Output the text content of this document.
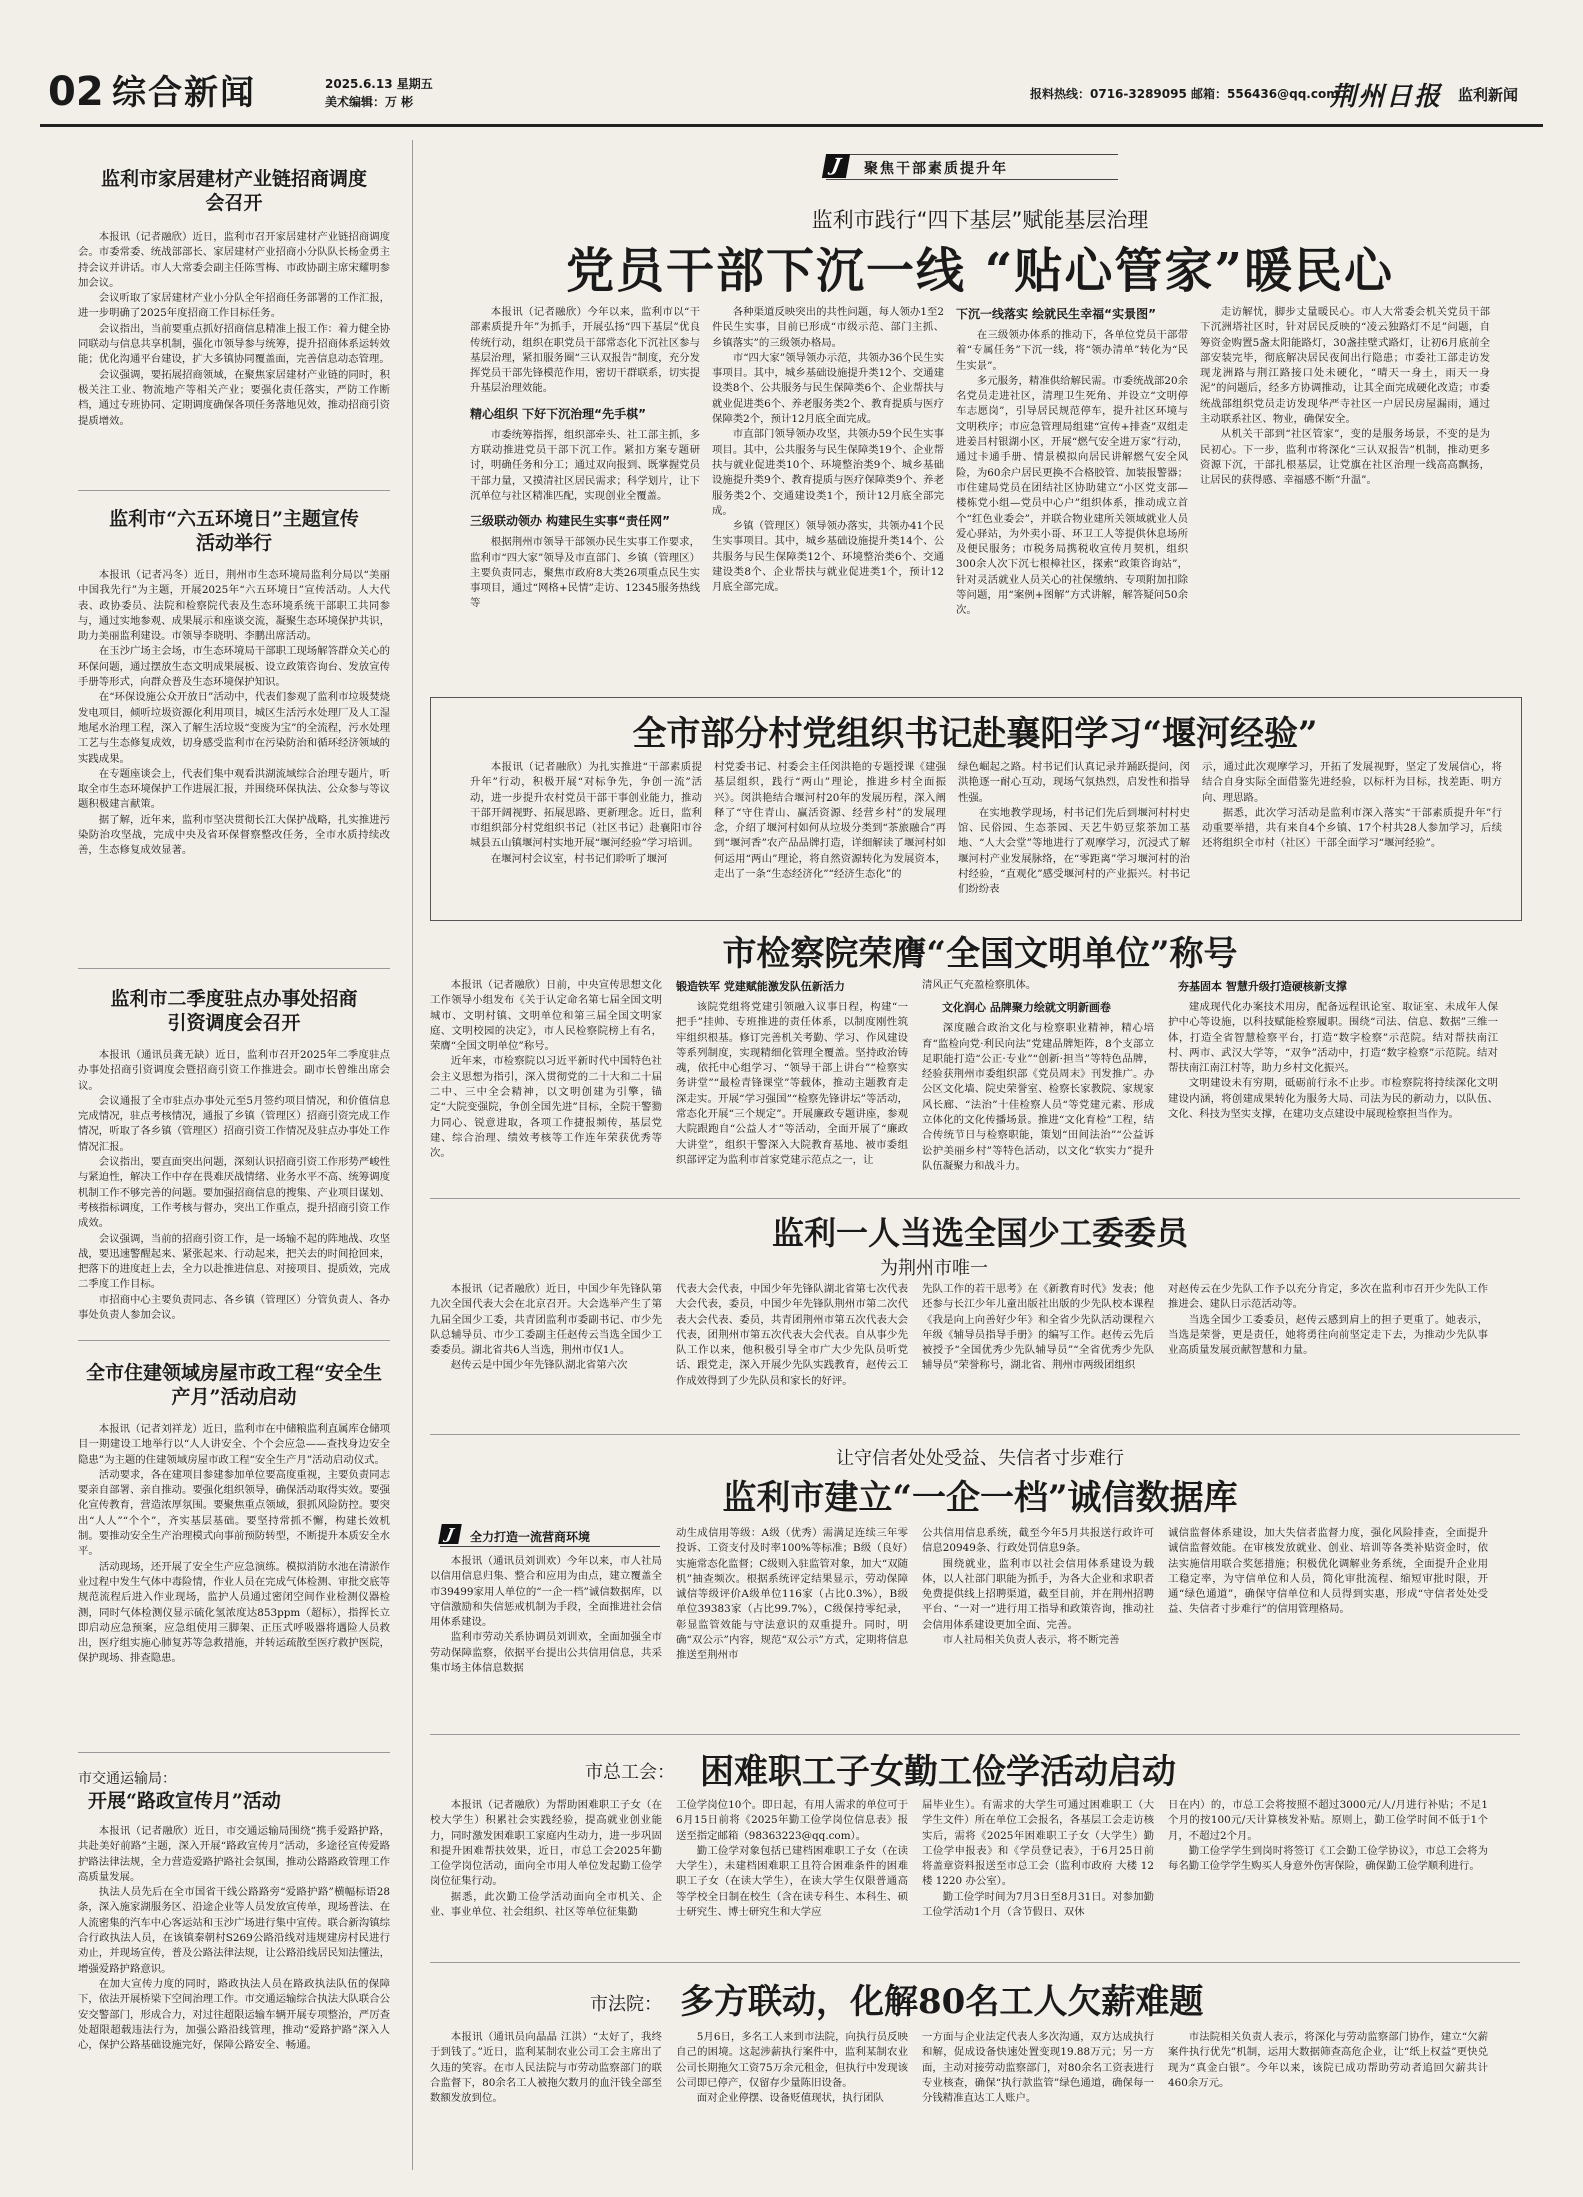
02 综合新闻	2025.6.13 星期五
美术编辑：万 彬
报料热线：0716-3289095 邮箱：556436@qq.com
荆州日报 监利新闻
监利市家居建材产业链招商调度会召开

本报讯（记者融欣）近日，监利市召开家居建材产业链招商调度会。市委常委、统战部部长、家居建材产业招商小分队队长杨金勇主持会议并讲话。市人大常委会副主任陈雪梅、市政协副主席宋耀明参加会议。

会议听取了家居建材产业小分队全年招商任务部署的工作汇报，进一步明确了2025年度招商工作目标任务。

会议指出，当前要重点抓好招商信息精准上报工作：着力健全协同联动与信息共享机制，强化市领导参与统筹，提升招商体系运转效能；优化沟通平台建设，扩大多镇协同覆盖面，完善信息动态管理。

会议强调，要拓展招商领域，在聚焦家居建材产业链的同时，积极关注工业、物流地产等相关产业；要强化责任落实，严防工作断档，通过专班协同、定期调度确保各项任务落地见效，推动招商引资提质增效。

监利市“六五环境日”主题宣传活动举行

本报讯（记者冯冬）近日，荆州市生态环境局监利分局以“美丽中国我先行”为主题，开展2025年“六五环境日”宣传活动。人大代表、政协委员、法院和检察院代表及生态环境系统干部职工共同参与，通过实地参观、成果展示和座谈交流，凝聚生态环境保护共识，助力美丽监利建设。市领导李晓明、李鹏出席活动。

在玉沙广场主会场，市生态环境局干部职工现场解答群众关心的环保问题，通过摆放生态文明成果展板、设立政策咨询台、发放宣传手册等形式，向群众普及生态环境保护知识。

在“环保设施公众开放日”活动中，代表们参观了监利市垃圾焚烧发电项目，倾听垃圾资源化利用项目，城区生活污水处理厂及人工湿地尾水治理工程，深入了解生活垃圾“变废为宝”的全流程，污水处理工艺与生态修复成效，切身感受监利市在污染防治和循环经济领域的实践成果。

在专题座谈会上，代表们集中观看洪湖流域综合治理专题片，听取全市生态环境保护工作进展汇报，并围绕环保执法、公众参与等议题积极建言献策。

据了解，近年来，监利市坚决贯彻长江大保护战略，扎实推进污染防治攻坚战，完成中央及省环保督察整改任务，全市水质持续改善，生态修复成效显著。

监利市二季度驻点办事处招商引资调度会召开

本报讯（通讯员龚无缺）近日，监利市召开2025年二季度驻点办事处招商引资调度会暨招商引资工作推进会。副市长曾维出席会议。

会议通报了全市驻点办事处元至5月签约项目情况，和价值信息完成情况，驻点考核情况，通报了乡镇（管理区）招商引资完成工作情况，听取了各乡镇（管理区）招商引资工作情况及驻点办事处工作情况汇报。

会议指出，要直面突出问题，深刻认识招商引资工作形势严峻性与紧迫性，解决工作中存在畏难厌战情绪、业务水平不高、统筹调度机制工作不够完善的问题。要加强招商信息的搜集、产业项目谋划、考核指标调度，工作考核与督办，突出工作重点，提升招商引资工作成效。

会议强调，当前的招商引资工作，是一场输不起的阵地战、攻坚战，要迅速警醒起来、紧张起来、行动起来，把关去的时间抢回来，把落下的进度赶上去，全力以赴推进信息、对接项目、提质效，完成二季度工作目标。

市招商中心主要负责同志、各乡镇（管理区）分管负责人、各办事处负责人参加会议。

全市住建领域房屋市政工程“安全生产月”活动启动

本报讯（记者刘祥龙）近日，监利市在中储粮监利直属库仓储项目一期建设工地举行以“人人讲安全、个个会应急——查找身边安全隐患”为主题的住建领域房屋市政工程“安全生产月”活动启动仪式。

活动要求，各在建项目参建参加单位要高度重视，主要负责同志要亲自部署、亲自推动。要强化组织领导，确保活动取得实效。要强化宣传教育，营造浓厚氛围。要聚焦重点领域，狠抓风险防控。要突出“人人”“个个”，齐实基层基础。要坚持常抓不懈，构建长效机制。要推动安全生产治理模式向事前预防转型，不断提升本质安全水平。

活动现场，还开展了安全生产应急演练。模拟消防水池在清淤作业过程中发生气体中毒险情，作业人员在完成气体检测、审批交底等规范流程后进入作业现场，监护人员通过密闭空间作业检测仪器检测，同时气体检测仪显示硫化氢浓度达853ppm（超标），指挥长立即启动应急预案，应急组使用三脚架、正压式呼吸器将遇险人员救出，医疗组实施心肺复苏等急救措施，并转运疏散至医疗救护医院，保护现场、排查隐患。

市交通运输局：
开展“路政宣传月”活动

本报讯（记者融欣）近日，市交通运输局围绕“携手爱路护路，共赴美好前路”主题，深入开展“路政宣传月”活动，多途径宣传爱路护路法律法规，全力营造爱路护路社会氛围，推动公路路政管理工作高质量发展。

执法人员先后在全市国省干线公路路旁“爱路护路”横幅标语28条，深入施家湖服务区、沿途企业等人员发放宣传单，现场普法、在人流密集的汽车中心客运站和玉沙广场进行集中宣传。联合新沟镇综合行政执法人员，在该镇秦朝村S269公路沿线对违规建房村民进行劝止，并现场宣传，普及公路法律法规，让公路沿线居民知法懂法，增强爱路护路意识。

在加大宣传力度的同时，路政执法人员在路政执法队伍的保障下，依法开展桥梁下空间治理工作。市交通运输综合执法大队联合公安交警部门，形成合力，对过往超限运输车辆开展专项整治，严厉查处超限超载违法行为，加强公路沿线管理，推动“爱路护路”深入人心，保护公路基础设施完好，保障公路安全、畅通。

J	聚焦干部素质提升年
监利市践行“四下基层”赋能基层治理
党员干部下沉一线 “贴心管家”暖民心

本报讯（记者融欣）今年以来，监利市以“干部素质提升年”为抓手，开展弘扬“四下基层”优良传统行动，组织在职党员干部常态化下沉社区参与基层治理，紧扣服务圈“三认双报告”制度，充分发挥党员干部先锋模范作用，密切干群联系，切实提升基层治理效能。

精心组织 下好下沉治理“先手棋”

市委统筹指挥，组织部牵头、社工部主抓，多方联动推进党员干部下沉工作。紧扣方案专题研讨，明确任务和分工；通过双向报到、既掌握党员干部力量，又摸清社区居民需求；科学划片，让下沉单位与社区精准匹配，实现创业全覆盖。

三级联动领办 构建民生实事“责任网”

根据荆州市领导干部领办民生实事工作要求，监利市“四大家”领导及市直部门、乡镇（管理区）主要负责同志，聚焦市政府8大类26项重点民生实事项目，通过“网格+民情”走访、12345服务热线等

各种渠道反映突出的共性问题，每人领办1至2件民生实事，目前已形成“市级示范、部门主抓、乡镇落实”的三级领办格局。

市“四大家”领导领办示范，共领办36个民生实事项目。其中，城乡基础设施提升类12个、交通建设类8个、公共服务与民生保障类6个、企业帮扶与就业促进类6个、养老服务类2个、教育提质与医疗保障类2个，预计12月底全面完成。

市直部门领导领办攻坚，共领办59个民生实事项目。其中，公共服务与民生保障类19个、企业帮扶与就业促进类10个、环境整治类9个、城乡基础设施提升类9个、教育提质与医疗保障类9个、养老服务类2个、交通建设类1个，预计12月底全部完成。

乡镇（管理区）领导领办落实，共领办41个民生实事项目。其中，城乡基础设施提升类14个、公共服务与民生保障类12个、环境整治类6个、交通建设类8个、企业帮扶与就业促进类1个，预计12月底全部完成。

下沉一线落实 绘就民生幸福“实景图”

在三级领办体系的推动下，各单位党员干部带着“专属任务”下沉一线，将“领办清单”转化为“民生实景”。

多元服务，精准供给解民需。市委统战部20余名党员走进社区，清理卫生死角、并设立“文明停车志愿岗”，引导居民规范停车，提升社区环境与文明秩序；市应急管理局组建“宣传+排查”双组走进姜吕村银湖小区，开展“燃气安全进万家”行动，通过卡通手册、情景模拟向居民讲解燃气安全风险，为60余户居民更换不合格胶管、加装报警器；市住建局党员在团结社区协助建立“小区党支部—楼栋党小组—党员中心户”组织体系，推动成立首个“红色业委会”，并联合物业建所关领域就业人员爱心驿站，为外卖小哥、环卫工人等提供休息场所及便民服务；市税务局携税收宣传月契机，组织300余人次下沉七根樟社区，探索“政策咨询站”，针对灵活就业人员关心的社保缴纳、专项附加扣除等问题，用“案例+图解”方式讲解，解答疑问50余次。

走访解忧，脚步丈量暖民心。市人大常委会机关党员干部下沉洲塔社区时，针对居民反映的“凌云独路灯不足”问题，自筹资金购置5盏太阳能路灯，30盏挂壁式路灯，让初6月底前全部安装完毕，彻底解决居民夜间出行隐患；市委社工部走访发现龙洲路与荆江路接口处未硬化，“晴天一身土，雨天一身泥”的问题后，经多方协调推动，让其全面完成硬化改造；市委统战部组织党员走访发现华严寺社区一户居民房屋漏雨，通过主动联系社区、物业，确保安全。

从机关干部到“社区管家”，变的是服务场景，不变的是为民初心。下一步，监利市将深化“三认双报告”机制，推动更多资源下沉，干部扎根基层，让党旗在社区治理一线高高飘扬，让居民的获得感、幸福感不断“升温”。

全市部分村党组织书记赴襄阳学习“堰河经验”

本报讯（记者融欣）为扎实推进“干部素质提升年”行动，积极开展“对标争先，争创一流”活动，进一步提升农村党员干部干事创业能力，推动干部开阔视野、拓展思路、更新理念。近日，监利市组织部分村党组织书记（社区书记）赴襄阳市谷城县五山镇堰河村实地开展“堰河经验”学习培训。

在堰河村会议室，村书记们聆听了堰河

村党委书记、村委会主任闵洪艳的专题授课《建强基层组织，践行“两山”理论，推进乡村全面振兴》。闵洪艳结合堰河村20年的发展历程，深入阐释了“守住青山、赢活资源、经营乡村”的发展理念，介绍了堰河村如何从垃圾分类到“茶旅融合”再到“堰河香”农产品品牌打造，详细解读了堰河村如何运用“两山”理论，将自然资源转化为发展资本，走出了一条“生态经济化”“经济生态化”的

绿色崛起之路。村书记们认真记录并踊跃提问，闵洪艳逐一耐心互动，现场气氛热烈，启发性和指导性强。

在实地教学现场，村书记们先后到堰河村村史馆、民俗园、生态茶园、天艺牛奶豆浆茶加工基地、“人大会堂”等地进行了观摩学习，沉浸式了解堰河村产业发展脉络，在“零距离”学习堰河村的治村经验，“直观化”感受堰河村的产业振兴。村书记们纷纷表

示，通过此次观摩学习，开拓了发展视野，坚定了发展信心，将结合自身实际全面借鉴先进经验，以标杆为目标，找差距、明方向、理思路。

据悉，此次学习活动是监利市深入落实“干部素质提升年”行动重要举措，共有来自4个乡镇、17个村共28人参加学习，后续还将组织全市村（社区）干部全面学习“堰河经验”。

市检察院荣膺“全国文明单位”称号

本报讯（记者融欣）日前，中央宣传思想文化工作领导小组发布《关于认定命名第七届全国文明城市、文明村镇、文明单位和第三届全国文明家庭、文明校园的决定》，市人民检察院榜上有名，荣膺“全国文明单位”称号。

近年来，市检察院以习近平新时代中国特色社会主义思想为指引，深入贯彻党的二十大和二十届二中、三中全会精神，以文明创建为引擎，锚定“大院变强院，争创全国先进”目标，全院干警勠力同心、锐意进取，各项工作捷报频传，基层党建、综合治理、绩效考核等工作连年荣获优秀等次。

锻造铁军 党建赋能激发队伍新活力

该院党组将党建引领融入议事日程，构建“一把手”挂帅、专班推进的责任体系，以制度刚性筑牢组织根基。修订完善机关考勤、学习、作风建设等系列制度，实现精细化管理全覆盖。坚持政治铸魂，依托中心组学习、“领导干部上讲台”“检察实务讲堂”“最检青锋课堂”等载体，推动主题教育走深走实。开展“学习强国”“检察先锋讲坛”等活动，常态化开展“三个规定”。开展廉政专题讲座，参观大院跟跑自“公益人才”等活动，全面开展了“廉政大讲堂”，组织干警深入大院教育基地、被市委组织部评定为监利市首家党建示范点之一，让

清风正气充盈检察肌体。

文化润心 品牌聚力绘就文明新画卷

深度融合政治文化与检察职业精神，精心培育“监检向党·利民向法”党建品牌矩阵，8个支部立足职能打造“公正·专业”“创新·担当”等特色品牌，经验获荆州市委组织部《党员周末》刊发推广。办公区文化墙、院史荣誉室、检察长家教院、家规家风长廊、“法治”十佳检察人员“等党建元素、形成立体化的文化传播场景。推进“文化育检”工程，结合传统节日与检察职能，策划“田间法治”“公益诉讼护美丽乡村”等特色活动，以文化“软实力”提升队伍凝聚力和战斗力。

夯基固本 智慧升级打造硬核新支撑

建成现代化办案技术用房，配备远程讯论室、取证室、未成年人保护中心等设施，以科技赋能检察履职。围绕“司法、信息、数据”三维一体，打造全省智慧检察平台，打造“数字检察”示范院。结对帮扶南江村、两市、武汉大学等，“双争”活动中，打造“数字检察”示范院。结对帮扶南江南江村等，助力乡村文化振兴。

文明建设未有穷期，砥砺前行永不止步。市检察院将持续深化文明建设内涵，将创建成果转化为服务大局、司法为民的新动力，以队伍、文化、科技为坚实支撑，在建功支点建设中展现检察担当作为。

监利一人当选全国少工委委员
为荆州市唯一

本报讯（记者融欣）近日，中国少年先锋队第九次全国代表大会在北京召开。大会选举产生了第九届全国少工委，共青团监利市委副书记、市少先队总辅导员、市少工委副主任赵传云当选全国少工委委员。湖北省共6人当选，荆州市仅1人。

赵传云是中国少年先锋队湖北省第六次

代表大会代表，中国少年先锋队湖北省第七次代表大会代表，委员，中国少年先锋队荆州市第二次代表大会代表、委员，共青团荆州市第五次代表大会代表，团荆州市第五次代表大会代表。自从事少先队工作以来，他积极引导全市广大少先队员听党话、跟党走，深入开展少先队实践教育，赵传云工作成效得到了少先队员和家长的好评。

先队工作的若干思考》在《新教育时代》发表；他还参与长江少年儿童出版社出版的少先队校本课程《我是向上向善好少年》和全省少先队活动课程六年级《辅导员指导手册》的编写工作。赵传云先后被授予“全国优秀少先队辅导员”“全省优秀少先队辅导员”荣誉称号，湖北省、荆州市两级团组织

对赵传云在少先队工作予以充分肯定，多次在监利市召开少先队工作推进会、建队日示范活动等。

当选全国少工委委员，赵传云感到肩上的担子更重了。她表示，当选是荣誉，更是责任，她将勇往向前坚定走下去，为推动少先队事业高质量发展贡献智慧和力量。

让守信者处处受益、失信者寸步难行
监利市建立“一企一档”诚信数据库
J	全力打造一流营商环境

本报讯（通讯员刘训欢）今年以来，市人社局以信用信息归集、整合和应用为由点，建立覆盖全市39499家用人单位的“一企一档”诚信数据库，以守信激励和失信惩戒机制为手段，全面推进社会信用体系建设。

监利市劳动关系协调员刘训欢，全面加强全市劳动保障监察，依据平台提出公共信用信息，共采集市场主体信息数据

动生成信用等级：A级（优秀）需满足连续三年零投诉、工资支付及时率100%等标准；B级（良好）实施常态化监督；C级则入驻监管对象，加大“双随机”抽查频次。根据系统评定结果显示，劳动保障诚信等级评价A级单位116家（占比0.3%），B级单位39383家（占比99.7%），C级保持零纪录，彰显监管效能与守法意识的双重提升。同时，明确“双公示”内容，规范“双公示”方式，定期将信息推送至荆州市

公共信用信息系统，截至今年5月共报送行政许可信息20949条、行政处罚信息9条。

围绕就业，监利市以社会信用体系建设为载体，以人社部门职能为抓手，为各大企业和求职者免费提供线上招聘渠道，截至目前，并在荆州招聘平台、“一对一”进行用工指导和政策咨询，推动社会信用体系建设更加全面、完善。

市人社局相关负责人表示，将不断完善

诚信监督体系建设，加大失信者监督力度，强化风险排查，全面提升诚信监督效能。在审核发放就业、创业、培训等各类补贴资金时，依法实施信用联合奖惩措施；积极优化调解业务系统，全面提升企业用工稳定率，为守信单位和人员，简化审批流程、缩短审批时限，开通“绿色通道”，确保守信单位和人员得到实惠，形成“守信者处处受益、失信者寸步难行”的信用管理格局。

市总工会： 困难职工子女勤工俭学活动启动

本报讯（记者融欣）为帮助困难职工子女（在校大学生）积累社会实践经验，提高就业创业能力，同时激发困难职工家庭内生动力，进一步巩固和提升困难帮扶效果，近日，市总工会2025年勤工俭学岗位活动，面向全市用人单位发起勤工俭学岗位征集行动。

据悉，此次勤工俭学活动面向全市机关、企业、事业单位、社会组织、社区等单位征集勤

工俭学岗位10个。即日起，有用人需求的单位可于6月15日前将《2025年勤工俭学岗位信息表》报送至指定邮箱（98363223@qq.com）。

勤工俭学对象包括已建档困难职工子女（在读大学生），未建档困难职工且符合困难条件的困难职工子女（在读大学生），在读大学生仅限普通高等学校全日制在校生（含在读专科生、本科生、硕士研究生、博士研究生和大学应

届毕业生）。有需求的大学生可通过困难职工（大学生文件）所在单位工会报名，各基层工会走访核实后，需将《2025年困难职工子女（大学生）勤工俭学申报表》和《学员登记表》，于6月25日前将盖章资料报送至市总工会（监利市政府 大楼 12楼 1220 办公室）。

勤工俭学时间为7月3日至8月31日。对参加勤工俭学活动1个月（含节假日、双休

日在内）的，市总工会将按照不超过3000元/人/月进行补贴；不足1个月的按100元/天计算核发补贴。原则上，勤工俭学时间不低于1个月，不超过2个月。

勤工俭学学生到岗时将签订《工会勤工俭学协议》，市总工会将为每名勤工俭学学生购买人身意外伤害保险，确保勤工俭学顺利进行。

市法院： 多方联动，化解80名工人欠薪难题

本报讯（通讯员向晶晶 江洪）“太好了，我终于到钱了。”近日，监利某制农业公司工会主席出了久违的笑容。在市人民法院与市劳动监察部门的联合监督下，80余名工人被拖欠数月的血汗钱全部至数额发放到位。

5月6日，多名工人来到市法院，向执行员反映自己的困境。这起涉薪执行案件中，监利某制农业公司长期拖欠工资75万余元租金，但执行中发现该公司即已停产，仅留存少量陈旧设备。

面对企业停摆、设备贬值现状，执行团队

一方面与企业法定代表人多次沟通，双方达成执行和解，促成设备快速处置变现19.88万元；另一方面，主动对接劳动监察部门，对80余名工资表进行专业核查，确保“执行款监管”绿色通道，确保每一分钱精准直达工人账户。

市法院相关负责人表示，将深化与劳动监察部门协作，建立“欠薪案件执行优先”机制，运用大数据筛查高危企业，让“纸上权益”更快兑现为“真金白银”。今年以来，该院已成功帮助劳动者追回欠薪共计460余万元。
